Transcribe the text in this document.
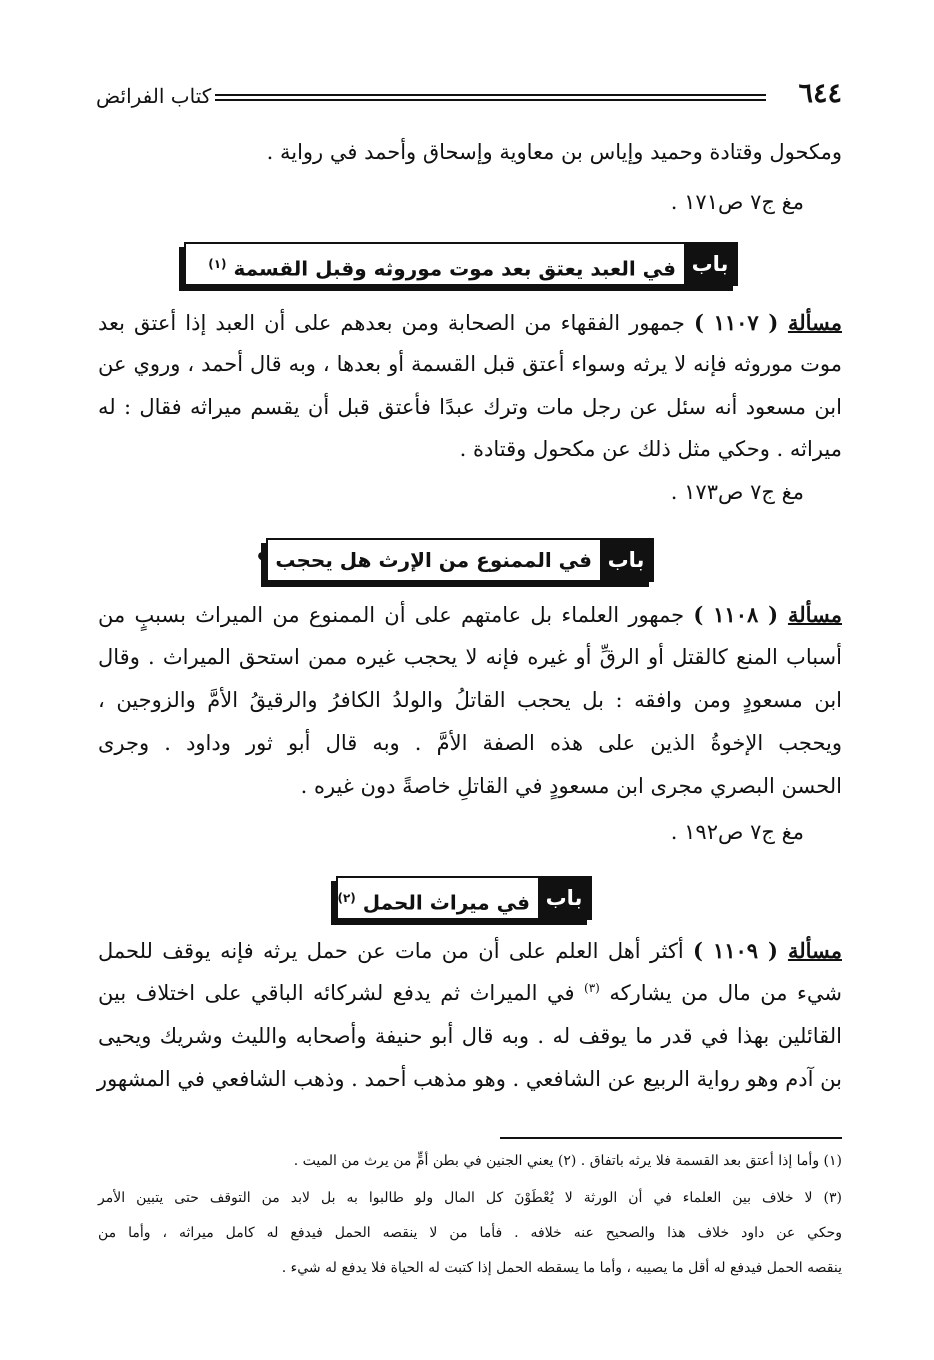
٦٤٤
كتاب الفرائض
ومكحول وقتادة وحميد وإياس بن معاوية وإسحاق وأحمد في رواية .
مغ ج٧ ص١٧١ .
باب
في العبد يعتق بعد موت موروثه وقبل القسمة $^{(١)}$
مسألة ( ١١٠٧ ) جمهور الفقهاء من الصحابة ومن بعدهم على أن العبد إذا أعتق بعد
موت موروثه فإنه لا يرثه وسواء أعتق قبل القسمة أو بعدها ، وبه قال أحمد ، وروي عن
ابن مسعود أنه سئل عن رجل مات وترك عبدًا فأعتق قبل أن يقسم ميراثه فقال : له
ميراثه . وحكي مثل ذلك عن مكحول وقتادة .
مغ ج٧ ص١٧٣ .
باب
في الممنوع من الإرث هل يحجب ؟
مسألة ( ١١٠٨ ) جمهور العلماء بل عامتهم على أن الممنوع من الميراث بسببٍ من
أسباب المنع كالقتل أو الرقِّ أو غيره فإنه لا يحجب غيره ممن استحق الميراث . وقال
ابن مسعودٍ ومن وافقه : بل يحجب القاتلُ والولدُ الكافرُ والرقيقُ الأمَّ والزوجين ،
ويحجب الإخوةُ الذين على هذه الصفة الأمَّ . وبه قال أبو ثور وداود . وجرى
الحسن البصري مجرى ابن مسعودٍ في القاتلِ خاصةً دون غيره .
مغ ج٧ ص١٩٢ .
باب
في ميراث الحمل $^{(٢)}$
مسألة ( ١١٠٩ ) أكثر أهل العلم على أن من مات عن حمل يرثه فإنه يوقف للحمل
شيء من مال من يشاركه $^{(٣)}$ في الميراث ثم يدفع لشركائه الباقي على اختلاف بين
القائلين بهذا في قدر ما يوقف له . وبه قال أبو حنيفة وأصحابه والليث وشريك ويحيى
بن آدم وهو رواية الربيع عن الشافعي . وهو مذهب أحمد . وذهب الشافعي في المشهور
(١) وأما إذا أعتق بعد القسمة فلا يرثه باتفاق . (٢) يعني الجنين في بطن أمٍّ من يرث من الميت .
(٣) لا خلاف بين العلماء في أن الورثة لا يُعْطَوْنَ كل المال ولو طالبوا به بل لابد من التوقف حتى يتبين الأمر
وحكي عن داود خلاف هذا والصحيح عنه خلافه . فأما من لا ينقصه الحمل فيدفع له كامل ميراثه ، وأما من
ينقصه الحمل فيدفع له أقل ما يصيبه ، وأما ما يسقطه الحمل إذا كتبت له الحياة فلا يدفع له شيء .
